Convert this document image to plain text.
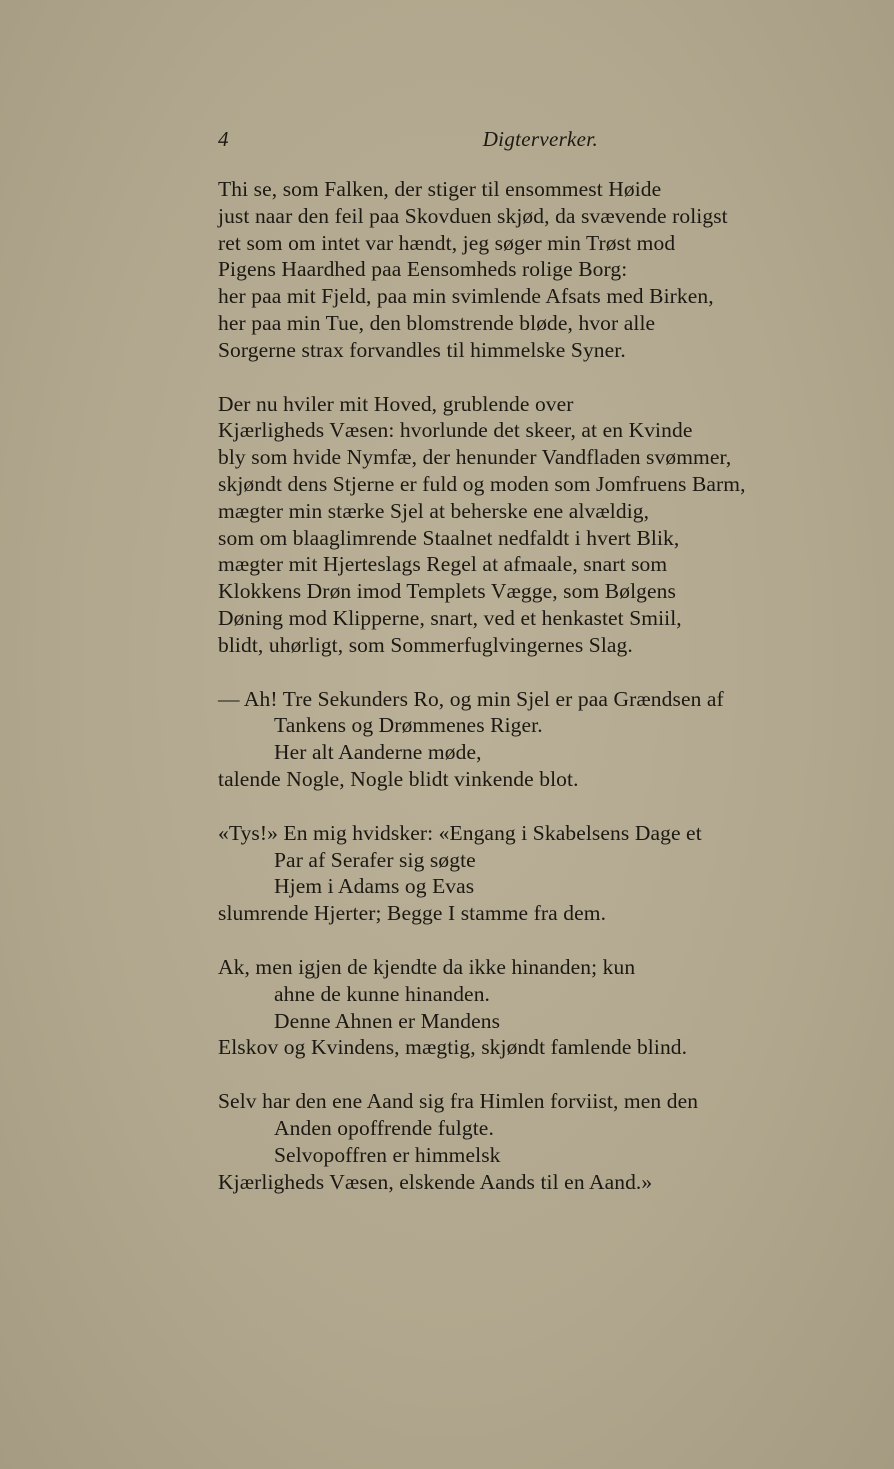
4	Digterverker.
Thi se, som Falken, der stiger til ensommest Høide
just naar den feil paa Skovduen skjød, da svævende roligst
ret som om intet var hændt, jeg søger min Trøst mod
Pigens Haardhed paa Eensomheds rolige Borg:
her paa mit Fjeld, paa min svimlende Afsats med Birken,
her paa min Tue, den blomstrende bløde, hvor alle
Sorgerne strax forvandles til himmelske Syner.
Der nu hviler mit Hoved, grublende over
Kjærligheds Væsen: hvorlunde det skeer, at en Kvinde
bly som hvide Nymfæ, der henunder Vandfladen svømmer,
skjøndt dens Stjerne er fuld og moden som Jomfruens Barm,
mægter min stærke Sjel at beherske ene alvældig,
som om blaaglimrende Staalnet nedfaldt i hvert Blik,
mægter mit Hjerteslags Regel at afmaale, snart som
Klokkens Drøn imod Templets Vægge, som Bølgens
Døning mod Klipperne, snart, ved et henkastet Smiil,
blidt, uhørligt, som Sommerfuglvingernes Slag.
— Ah! Tre Sekunders Ro, og min Sjel er paa Grændsen af
Tankens og Drømmenes Riger.
Her alt Aanderne møde,
talende Nogle, Nogle blidt vinkende blot.
«Tys!» En mig hvidsker: «Engang i Skabelsens Dage et
Par af Serafer sig søgte
Hjem i Adams og Evas
slumrende Hjerter; Begge I stamme fra dem.
Ak, men igjen de kjendte da ikke hinanden; kun
ahne de kunne hinanden.
Denne Ahnen er Mandens
Elskov og Kvindens, mægtig, skjøndt famlende blind.
Selv har den ene Aand sig fra Himlen forviist, men den
Anden opoffrende fulgte.
Selvopoffren er himmelsk
Kjærligheds Væsen, elskende Aands til en Aand.»
